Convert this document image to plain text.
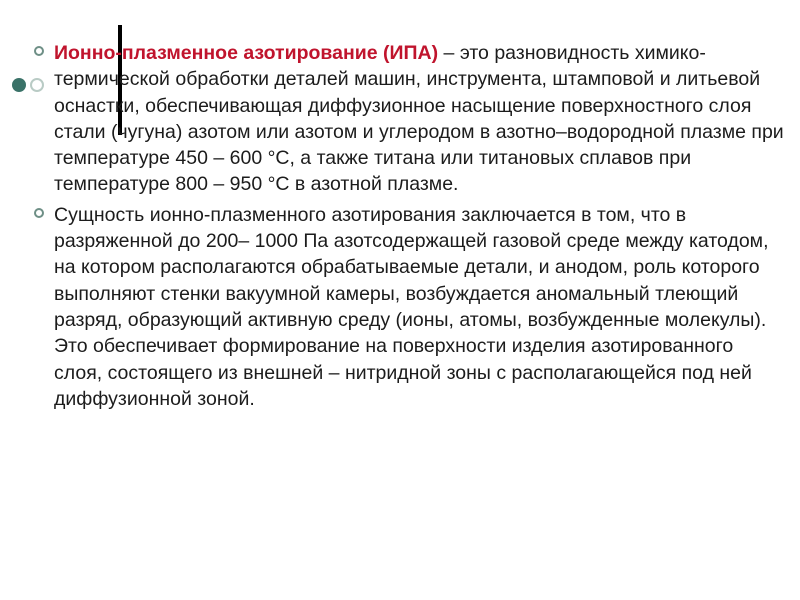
Ионно-плазменное азотирование (ИПА) – это разновидность химико-термической обработки деталей машин, инструмента, штамповой и литьевой оснастки, обеспечивающая диффузионное насыщение поверхностного слоя стали (чугуна) азотом или азотом и углеродом в азотно–водородной плазме при температуре 450 – 600 °С, а также титана или титановых сплавов при температуре 800 – 950 °С в азотной плазме.
Сущность ионно-плазменного азотирования заключается в том, что в разряженной до 200– 1000 Па азотсодержащей газовой среде между катодом, на котором располагаются обрабатываемые детали, и анодом, роль которого выполняют стенки вакуумной камеры, возбуждается аномальный тлеющий разряд, образующий активную среду (ионы, атомы, возбужденные молекулы). Это обеспечивает формирование на поверхности изделия азотированного слоя, состоящего из внешней – нитридной зоны с располагающейся под ней диффузионной зоной.
